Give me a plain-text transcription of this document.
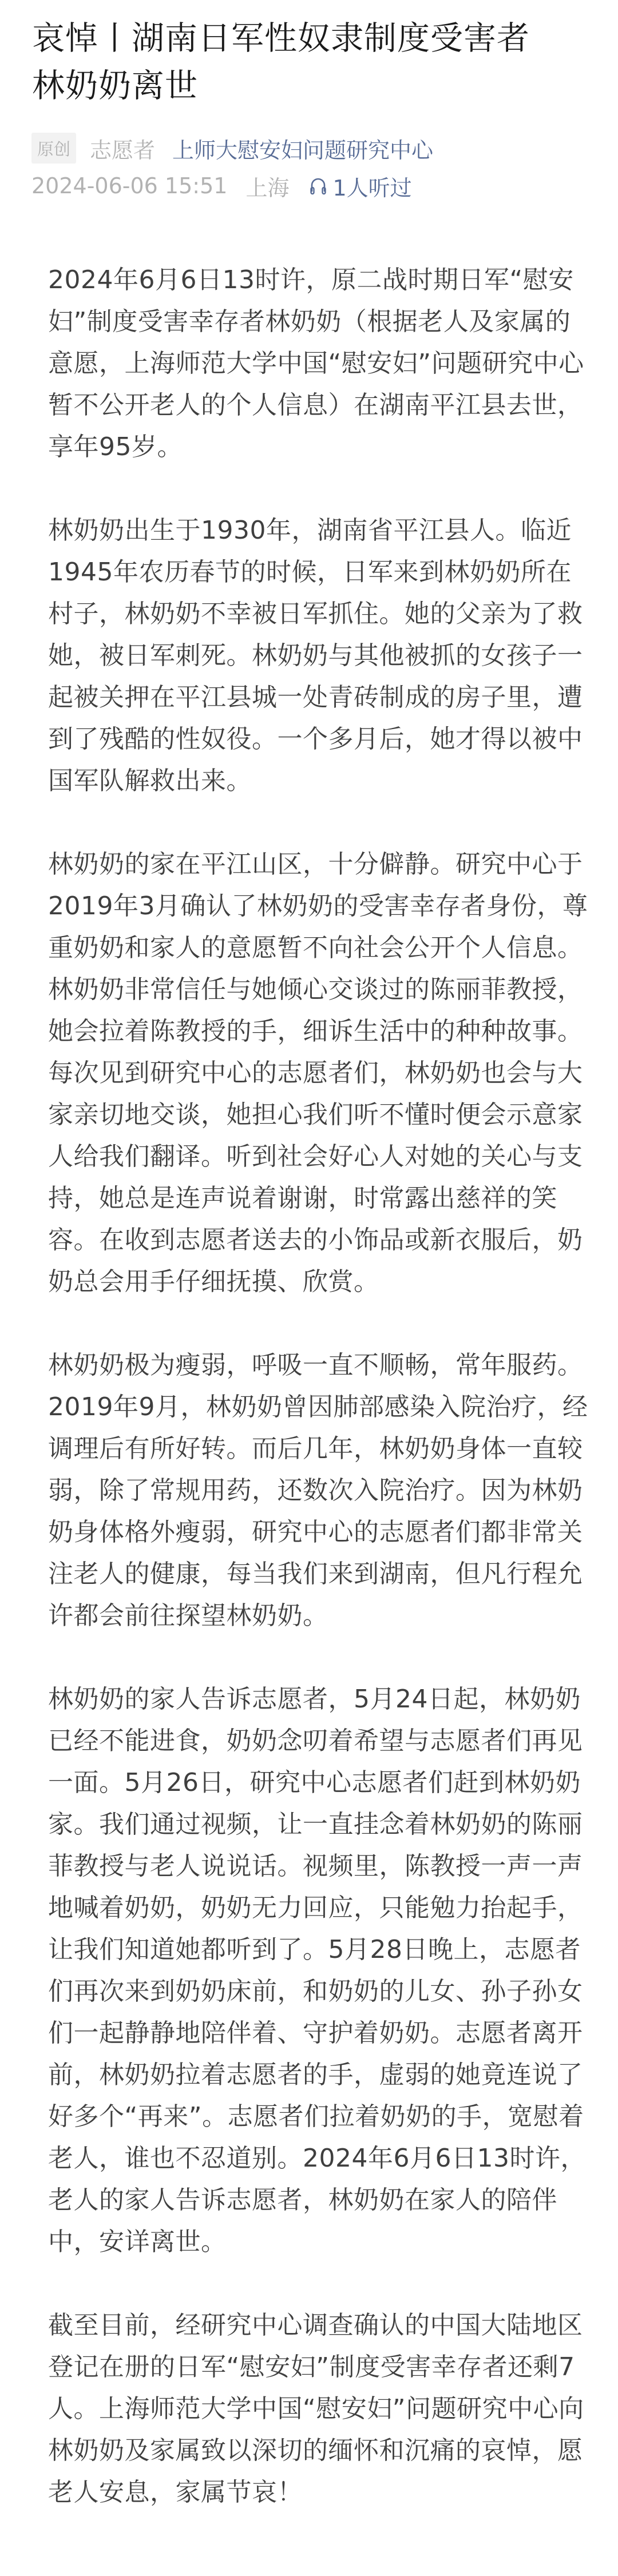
哀悼丨湖南日军性奴隶制度受害者
林奶奶离世
原创 志愿者 上师大慰安妇问题研究中心
2024-06-06 15:51 上海 1人听过

2024年6月6日13时许，原二战时期日军“慰安
妇”制度受害幸存者林奶奶（根据老人及家属的
意愿，上海师范大学中国“慰安妇”问题研究中心
暂不公开老人的个人信息）在湖南平江县去世，
享年95岁。

林奶奶出生于1930年，湖南省平江县人。临近
1945年农历春节的时候，日军来到林奶奶所在
村子，林奶奶不幸被日军抓住。她的父亲为了救
她，被日军刺死。林奶奶与其他被抓的女孩子一
起被关押在平江县城一处青砖制成的房子里，遭
到了残酷的性奴役。一个多月后，她才得以被中
国军队解救出来。

林奶奶的家在平江山区，十分僻静。研究中心于
2019年3月确认了林奶奶的受害幸存者身份，尊
重奶奶和家人的意愿暂不向社会公开个人信息。
林奶奶非常信任与她倾心交谈过的陈丽菲教授，
她会拉着陈教授的手，细诉生活中的种种故事。
每次见到研究中心的志愿者们，林奶奶也会与大
家亲切地交谈，她担心我们听不懂时便会示意家
人给我们翻译。听到社会好心人对她的关心与支
持，她总是连声说着谢谢，时常露出慈祥的笑
容。在收到志愿者送去的小饰品或新衣服后，奶
奶总会用手仔细抚摸、欣赏。

林奶奶极为瘦弱，呼吸一直不顺畅，常年服药。
2019年9月，林奶奶曾因肺部感染入院治疗，经
调理后有所好转。而后几年，林奶奶身体一直较
弱，除了常规用药，还数次入院治疗。因为林奶
奶身体格外瘦弱，研究中心的志愿者们都非常关
注老人的健康，每当我们来到湖南，但凡行程允
许都会前往探望林奶奶。

林奶奶的家人告诉志愿者，5月24日起，林奶奶
已经不能进食，奶奶念叨着希望与志愿者们再见
一面。5月26日，研究中心志愿者们赶到林奶奶
家。我们通过视频，让一直挂念着林奶奶的陈丽
菲教授与老人说说话。视频里，陈教授一声一声
地喊着奶奶，奶奶无力回应，只能勉力抬起手，
让我们知道她都听到了。5月28日晚上，志愿者
们再次来到奶奶床前，和奶奶的儿女、孙子孙女
们一起静静地陪伴着、守护着奶奶。志愿者离开
前，林奶奶拉着志愿者的手，虚弱的她竟连说了
好多个“再来”。志愿者们拉着奶奶的手，宽慰着
老人，谁也不忍道别。2024年6月6日13时许，
老人的家人告诉志愿者，林奶奶在家人的陪伴
中，安详离世。

截至目前，经研究中心调查确认的中国大陆地区
登记在册的日军“慰安妇”制度受害幸存者还剩7
人。上海师范大学中国“慰安妇”问题研究中心向
林奶奶及家属致以深切的缅怀和沉痛的哀悼，愿
老人安息，家属节哀！
